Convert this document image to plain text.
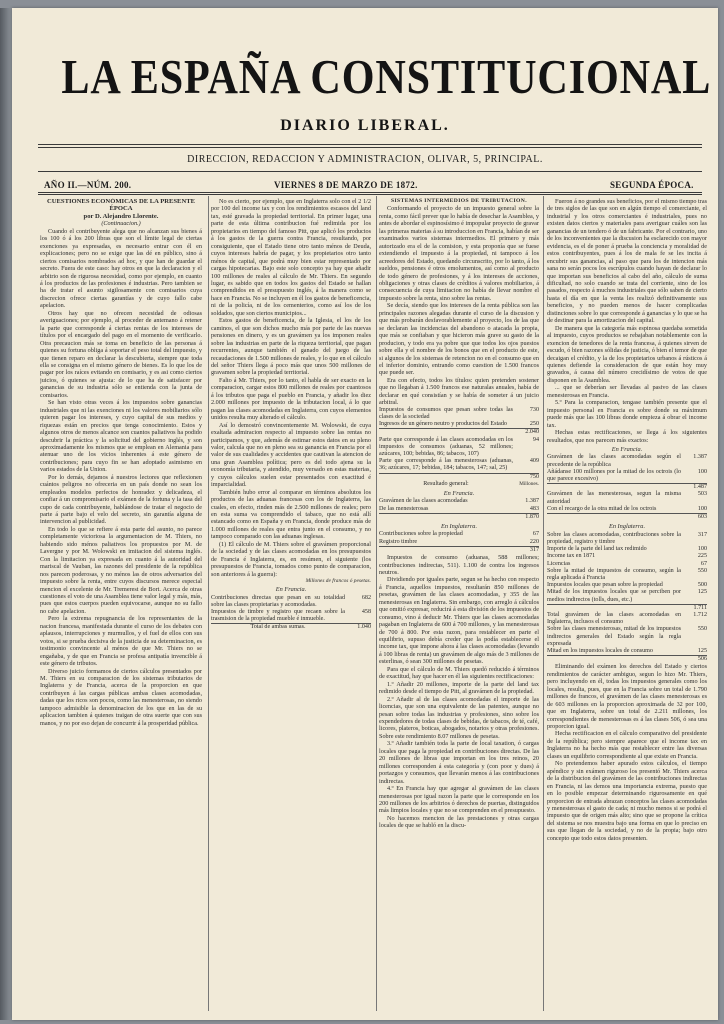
LA ESPAÑA CONSTITUCIONAL
DIARIO LIBERAL.
DIRECCION, REDACCION Y ADMINISTRACION, OLIVAR, 5, PRINCIPAL.
AÑO II.—NÚM. 200.	VIERNES 8 DE MARZO DE 1872.	SEGUNDA ÉPOCA.

CUESTIONES ECONÓMICAS DE LA PRESENTE ÉPOCA

por D. Alejandro Llorente.

(Continuacion.)

Cuando el contribuyente alega que no alcanzan sus bienes á los 100 ó á los 200 libras que son el límite legal de ciertas exenciones ya expresadas, es necesario entrar con él en explicaciones; pero no se exige que las dé en público, sino á ciertos comisarios nombrados ad hoc, y que han de guardar el secreto. Fuera de este caso: hay otros en que la declaracion y el arbitrio son de rigurosa necesidad, como por ejemplo, en cuanto á los productos de las profesiones é industrias. Pero tambien se ha de tratar el asunto sigilosamente con comisarios cuya discrecion ofrece ciertas garantías y de cuyo fallo cabe apelacion.

Otros hay que no ofrecen necesidad de odiosas averiguaciones; por ejemplo, al proceder de antemano á retener la parte que corresponde á ciertas rentas de los intereses de títulos por el encargado del pago en el momento de verificarlo. Otra precaucion más se toma en beneficio de las personas á quienes su fortuna obliga á soportar el peso total del impuesto, y que tienen reparo en declarar la descubierta, siempre que toda ella se consigna en el mismo género de bienes. Es lo que los de pagar por los raíces evitando en comisario, y es asi como ciertos juicios, ó quienes se ajusta: de lo que ha de satisfacer por ganancias de su industria sólo se entienda con la junta de comisarios.

Se han visto otras veces á los impuestos sobre ganancias industriales que ni las exenciones ni los valores mobiliarios sólo quieren pagar los intereses, y cuyo capital de sus medios y riquezas están en precios que tenga conocimiento. Estos y algunos otros de menos alcance son cuantos paliativos ha podido descubrir la práctica y la solicitud del gobierno inglés, y son aproximadamente los mismos que se emplean en Alemania para atenuar uno de los vicios inherentes á este género de contribuciones; para cuyo fin se han adoptado asimismo en varios estados de la Union.

Por lo demás, dejamos á nuestros lectores que reflexionen cuántos peligros no ofreceria en un país donde no sean los empleados modelos perfectos de honradez y delicadeza, el confiar á un compromisario el exámen de la fortuna y la tasa del cupo de cada contribuyente, hablándose de tratar el negocio de parte á parte bajo el velo del secreto, sin garantía alguna de intervencion al publicidad.

En todo lo que se refiere á esta parte del asunto, no parece completamente victoriosa la argumentacion de M. Thiers, no habiendo sido ménos paliativos los propuestos por M. de Lavergne y por M. Wolowski en imitacion del sistema inglés. Con la limitacion ya expresada en cuanto á la autoridad del mariscal de Vauban, las razones del presidente de la república nos parecen poderosas, y no ménos las de otros adversarios del impuesto sobre la renta, entre cuyos discursos merece especial mencion el excelente de Mr. Tremerest de Bort. Acerca de otras cuestiones el voto de una Asamblea tiene valor legal y más, más, pues que estos cuerpos pueden equivocarse, aunque no su fallo no cabe apelacion.

Pero la extrema repugnancia de los representantes de la nacion francesa, manifestada durante el curso de los debates con aplausos, interrupciones y murmullos, y el fuel de ellos con sus votos, si se prueba decisiva de la justicia de su determinacion, es testimonio convincente al ménos de que Mr. Thiers no se engañaba, y de que en Francia se profesa antipatía invencible á este género de tributos.

Diverso juicio formamos de ciertos cálculos presentados por M. Thiers en su comparacion de los sistemas tributarios de Inglaterra y de Francia, acerca de la proporcion en que contribuyen á las cargas públicas ambas clases acomodadas, dadas que los ricos son pocos, como las menesterosas, no siendo tampoco admisible la denominacion de los que en las de su aplicacion tambien á quienes traigan de otra suerte que con sus manos, y no por eso dejan de concurrir á la prosperidad pública.

No es cierto, por ejemplo, que en Inglaterra solo con el 2 1/2 por 100 del income tax y con los rendimientos escasos del land tax, esté gravada la propiedad territorial. En primer lugar, una parte de esta última contribucion fué redimida por los propietarios en tiempo del famoso Pitt, que aplicó los productos á los gastos de la guerra contra Francia, resultando, por consiguiente, que el Estado tiene otro tanto ménos de Deuda, cuyos intereses habría de pagar, y los propietarios otro tanto ménos de capital, que podrá muy bien estar representado por cargas hipotecarias. Bajo este solo concepto ya hay que añadir 100 millones de reales al cálculo de Mr. Thiers. En segundo lugar, es sabido que en todos los gastos del Estado se hallan comprendidos en el presupuesto inglés, á la manera como se hace en Francia. No se incluyen en él los gastos de beneficencia, ni de la policía, ni de los cementerios, como así los de los soldados, que son ciertos municipios...

Estos gastos de beneficencia, de la Iglesia, el los de los caminos, el que son dichos mucho más por parte de las nuevas pensiones en dinero, y es un gravámen ya los imponen reales sobre las industrias en parte de la riqueza territorial, que pagan recurrentes, aunque también el ganado del juego de las recaudaciones de 1.500 millones de reales, y lo que en el cálculo del señor Thiers llega á poco más que unos 500 millones de gravamen sobre la propiedad territorial.

Falto á Mr. Thiers, por lo tanto, el habla de ser exacto en la comparacion, cargar estos 800 millones de reales por cuantosos á los tributos que paga el pueblo en Francia, y añadir los diez 2.000 millones por impuesto de la tributacion local, á lo que pagan las clases acomodadas en Inglaterra, con cuyos elementos unidos resulta muy alterado el cálculo.

Así lo demostró convincentemente M. Wolowski, de cuya exaltada admiracion respecto al impuesto sobre las rentas no participamos, y que, además de estimar estos datos en su pleno valor, calcula que no en pleno sea su ganancia en Francia por el valor de sus cualidades y accidentes que cautivan la atencion de una gran Asamblea política; pero es del todo ajena su la economía tributaria, y atendido, muy versado en estas materias, y cuyos cálculos suelen estar presentados con exactitud é imparcialidad.

También hubo error al comparar en términos absolutos los productos de las aduanas francesas con los de Inglaterra, las cuales, en efecto, rinden más de 2.500 millones de reales; pero en esta suma va comprendido el tabaco, que no está allí estancado como en España y en Francia, donde produce más de 1.000 millones de reales que entra junto en el consumo, y no tampoco comparado con las aduanas inglesas.

(1) El cálculo de M. Thiers sobre el gravámen proporcional de la sociedad y de las clases acomodadas en los presupuestos de Francia é Inglaterra, es, en resúmen, el siguiente (los presupuestos de Francia, tomados como punto de comparacion, son anteriores á la guerra):

Millones de francos ó pesetas.
En Francia.
Contribuciones directas que pesan en su totalidad sobre las clases propietarias y acomodadas.	682
Impuestos de timbre y registro que recaen sobre la trasmision de la propiedad mueble é inmueble.	458
Total de ambas sumas.	1.040

SISTEMAS INTERMEDIOS DE TRIBUTACION.

Conformando el proyecto de un impuesto general sobre la renta, como fácil prever que lo había de desechar la Asamblea, y antes de abordar el espinosísimo é impopular proyecto de gravar las primeras materias á su introduccion en Francia, habían de ser examinados varios sistemas intermedios. El primero y más autorizado era el de la comision, y esta proponía que se fuese extendiendo el impuesto á la propiedad, ni tampoco á los acreedores del Estado, quedando circunscrito, por lo tanto, á los sueldos, pensiones é otros emolumentos, así como al producto de todo género de profesiones, y á los intereses de acciones, obligaciones y otras clases de créditos á valores mobiliarios, á consecuencia de cuya limitacion no había de llevar nombre el impuesto sobre la renta, sino sobre las rentas.

Se decía, siendo que los intereses de la renta pública son las principales razones alegadas durante el curso de la discusion y que más probarán desfavorablemente al proyecto, los de las que se declaran las incidencias del abandono o atacada la propia, que más se confiaban y que hicieron más grave su gasto de la producion, y todo era ya pobre que que todos los ojos puestos sobre ella y el nombre de los bonos que en el producto de este, si algunos de los sistemas de retencion no en el consumo que en el inferior dominio, entrando como cuestion de 1.500 francos que puede ser.

Era con efecto, todos los títulos: quien pretenden sostener que no llegaban á 1.500 francos ese naturalas anuales, había de declarar en qué consistían y se había de someter á un juicio arbitral.

Impuestos de consumos que pesan sobre todas las clases de la sociedad	730
Ingresos de un género neutro y productos del Estado	250
	2.040
Parte que corresponde á las clases acomodadas en los impuestos de consumos (aduanas, 52 millones; azúcares, 100; bebidas, 86; tabacos, 107)	94
Parte que corresponde á las menesterosas (aduanas, 36; azúcares, 17; bebidas, 184; tabacos, 147; sal, 25)	409
	750
Resultado general:	Millones.
En Francia.
Gravámen de las clases acomodadas	1.387
De las menesterosas	483
	1.870
En Inglaterra.
Contribuciones sobre la propiedad	67
Registro timbre	220
	317

Impuestos de consumo (aduanas, 588 millones; contribuciones indirectas, 511). 1.100 de contra los ingresos neutros.

Dividiendo por iguales parte, segun se ha hecho con respecto á Francia, aquellos impuestos, resultarán 850 millones de pesetas, gravámen de las clases acomodadas, y 355 de las menesterosas en Inglaterra. Sin embargo, con arreglo á cálculos que omitió expresar, reducirá á esta división de los impuestos de consumo, vino á deducir Mr. Thiers que las clases acomodadas pagaban en Inglaterra de 600 á 700 millones, y las menesterosas de 700 á 800. Por esta razon, para restablecer en parte el equilibrio, supuso debía creder que la podía establecerse el income tax, que impone ahora á las clases acomodadas (levando á 100 libras de renta) un gravámen de algo más de 3 millones de esterlinas, ó sean 300 millones de pesetas.

Para que el cálculo de M. Thiers quedó reducido á términos de exactitud, hay que hacer en él las siguientes rectificaciones:

1.º Añadir 20 millones, importe de la parte del land tax redimido desde el tiempo de Pitt, al gravámen de la propiedad.

2.º Añadir al de las clases acomodadas el importe de las licencias, que son una equivalente de las patentes, aunque no pesan sobre todas las industrias y profesiones, sino sobre los expendedores de todas clases de bebidas, de tabacos, de té, café, licores, plateros, boticas, abogados, notarios y otras profesiones. Sobre este rendimiento 8.07 millones de pesetas.

3.º Añadir también toda la parte de local taxation, ó cargas locales que paga la propiedad en contribuciones directas. De las 20 millones de libras que importan en los tres reinos, 20 millones corresponden á esta categoría y (con poor y dues) á portazgos y consumos, que llevarán menos á las contribuciones indirectas.

4.º En Francia hay que agregar al gravámen de las clases menesterosas por igual razon la parte que le corresponde en los 200 millones de los arbitrios ó derechos de puertas, distinguidos más limpios locales y que no se comprenden en el presupuesto.

No hacemos mencion de las prestaciones y otras cargas locales de que se habló en la discu-

Fueron á no grandes sus beneficios, por el mismo tiempo tras de tres siglos de las que son en algún tiempo el comerciante, el industrial y los otros comerciantes é industriales, pues no existen datos ciertos y materiales para averiguar cuáles son las ganancias de un tendero ó de un fabricante. Por el contrario, uno de los inconvenientes que la discusion ha esclarecido con mayor evidencia, es el de poner á prueba la conciencia y moralidad de estos contribuyentes, pues á los de mala fe se les incita á encubrir sus ganancias, al paso que para los de intencion más sana no serán pocos los escrúpulos cuando hayan de declarar lo que importan sus beneficios al cabo del año, cálculo de suma dificultad, no solo cuando se trata del corriente, sino de los pasados, respecto á muchos industriales que sólo saben de cierto hasta el día en que la venta les realizó definitivamente sus beneficios, y no pueden menos de hacer complicadas distinciones sobre lo que corresponde á ganancias y lo que se ha de destinar para la amortizacion del capital.

De manera que la categoría más espinosa quedaba sometida al impuesto, cuyos productos se rebajaban notablemente con la exencion de tenedores de la renta francesa, á quienes sirven de escudo, ó bien razones sólidas de justicia, ó bien el temor de que decaigan el crédito, y la de los propietarios urbanos á rústicos á quienes defiende la consideracion de que están hoy muy gravados, á causa del número crecidísimo de votos de que disponen en la Asamblea.

... que se deberían ser llevadas al pasivo de las clases menesterosas en Francia.

5.º Para la comparacion, tengase también presente que el impuesto personal en Francia es sobre donde su máximum puede más que las 100 libras donde empieza á obrar el income tax.

Hechas estas rectificaciones, se llega á los siguientes resultados, que nos parecen más exactos:

En Francia.
Gravámen de las clases acomodadas según el precedente de la república	1.387
Añádanse 100 millones por la mitad de los octrois (lo que parece excesivo)	100
	1.487
Gravámen de las menesterosas, segun la misma autoridad	503
Con el recargo de la otra mitad de los octrois	100
	603
En Inglaterra.
Sobre las clases acomodadas, contribuciones sobre la propiedad, registro y timbre	317
Importe de la parte del land tax redimido	100
Income tax en 1871	225
Licencias	67
Sobre la mitad de impuestos de consumo, según la regla aplicada á Francia	550
Impuestos locales que pesan sobre la propiedad	500
Mitad de los impuestos locales que se perciben por medios indirectos (tolls, dues, etc.)	125
	1.711
Total gravámen de las clases acomodadas en Inglaterra, inclusos el consumo	1.712
Sobre las clases menesterosas, mitad de los impuestos indirectos generales del Estado según la regla expresada	550
Mitad en los impuestos locales de consumo	125
	506

Eliminando del exámen los derechos del Estado y ciertos rendimientos de carácter ambiguo, segun lo hizo Mr. Thiers, pero incluyendo en él, todas los impuestos generales como los locales, resulta, pues, que en la Francia sobre un total de 1.790 millones de francos, el gravámen de las clases menesterosas es de 603 millones en la proporcion aproximada de 32 por 100, que en Inglaterra, sobre un total de 2.211 millones, los correspondientes de menesterosas es á las clases 506, ó sea una proporcion igual.

Hecha rectificacion en el cálculo comparativo del presidente de la república; pero siempre aparece que el income tax en Inglaterra no ha hecho más que restablecer entre las diversas clases un equilibrio correspondiente al que existe en Francia.

No pretendemos haber apurado estos cálculos, el tiempo apéndice y sin exámen riguroso los presentó Mr. Thiers acerca de la distribucion del gravámen de las contribuciones indirectas en Francia, ni las demos una importancia extrema, puesto que en lo posible empezar determinando rigurosamente en qué proporcion de entrada abrazan conceptos las clases acomodadas y menesterosas el gasto de cada; ni mucho menos si se podrá el impuesto que de origen más alto; sino que se propone la crítica del sistema se nos muestra bajo una forma en que lo preciso en sus que llegan de la sociedad, y no de la propia; bajo otro concepto que todo estos datos presenten.
